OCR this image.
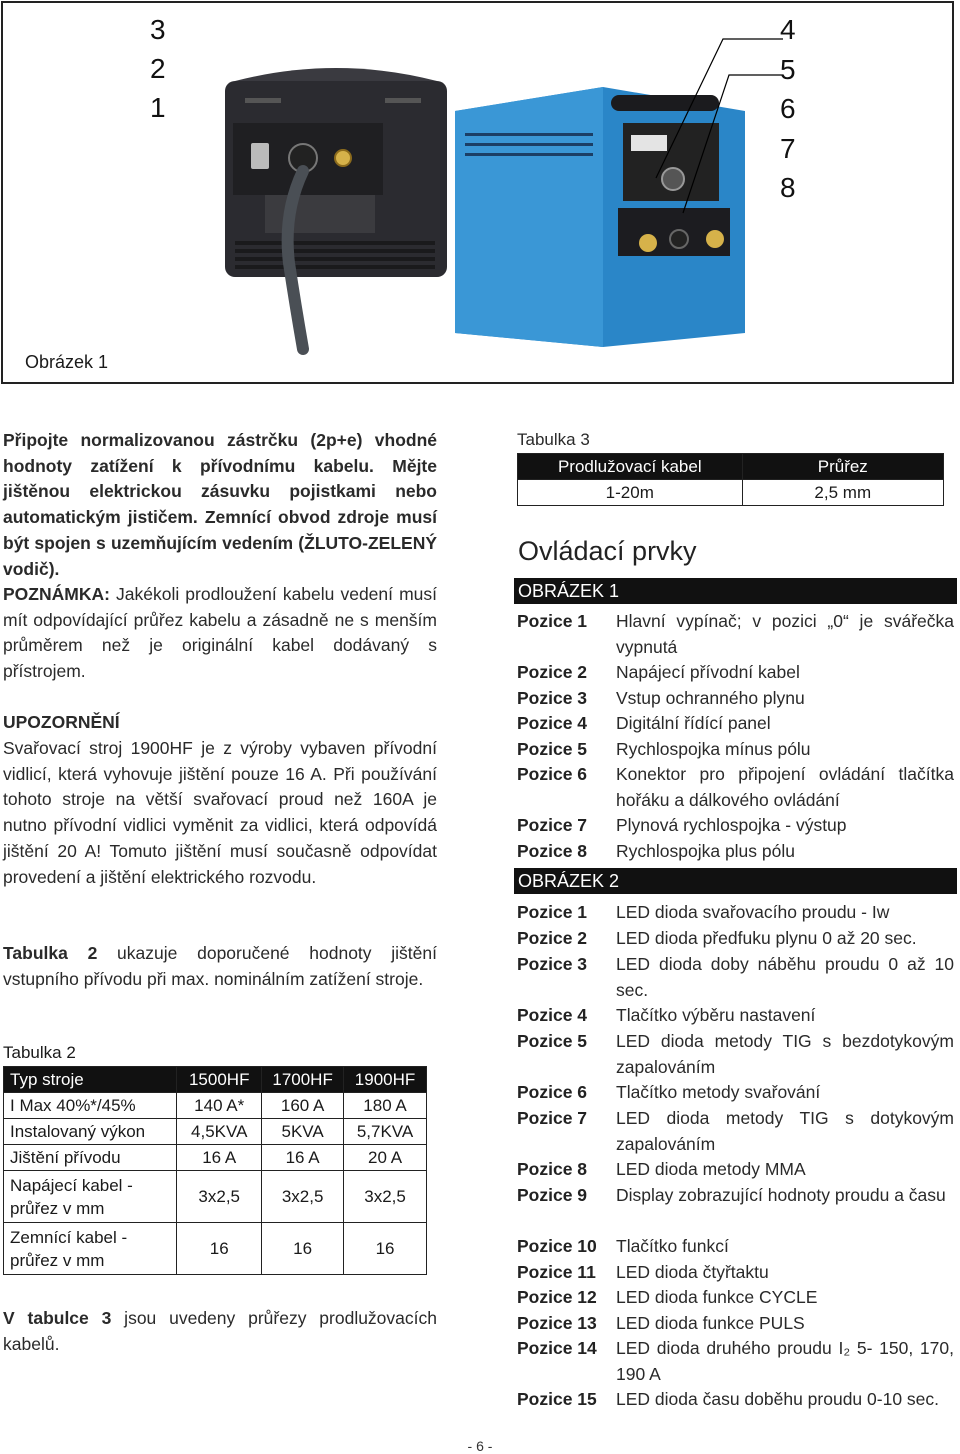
3
2
1
4
5
6
7
8
Obrázek 1
Připojte normalizovanou zástrčku (2p+e) vhodné hodnoty zatížení k přívodnímu kabelu. Mějte jištěnou elektrickou zásuvku pojistkami nebo automatickým jističem. Zemnící obvod zdroje musí být spojen s uzemňujícím vedením (ŽLUTO-ZELENÝ vodič).
POZNÁMKA: Jakékoli prodloužení kabelu vedení musí mít odpovídající průřez kabelu a zásadně ne s menším průměrem než je originální kabel dodávaný s přístrojem.
UPOZORNĚNÍ
Svařovací stroj 1900HF je z výroby vybaven přívodní vidlicí, která vyhovuje jištění pouze 16 A. Při používání tohoto stroje na větší svařovací proud než 160A je nutno přívodní vidlici vyměnit za vidlici, která odpovídá jištění 20 A! Tomuto jištění musí současně odpovídat provedení a jištění elektrického rozvodu.
Tabulka 2 ukazuje doporučené hodnoty jištění vstupního přívodu při max. nominálním zatížení stroje.
Tabulka 2
Typ stroje	1500HF	1700HF	1900HF
I Max 40%*/45%	140 A*	160 A	180 A
Instalovaný výkon	4,5KVA	5KVA	5,7KVA
Jištění přívodu	16 A	16 A	20 A
Napájecí kabel - průřez v mm	3x2,5	3x2,5	3x2,5
Zemnící kabel - průřez v mm	16	16	16
V tabulce 3 jsou uvedeny průřezy prodlužovacích kabelů.
Tabulka 3
Prodlužovací kabel	Průřez
1-20m	2,5 mm
Ovládací prvky
OBRÁZEK 1
Pozice 1 Hlavní vypínač; v pozici „0“ je svářečka vypnutá
Pozice 2 Napájecí přívodní kabel
Pozice 3 Vstup ochranného plynu
Pozice 4 Digitální řídící panel
Pozice 5 Rychlospojka mínus pólu
Pozice 6 Konektor pro připojení ovládání tlačítka hořáku a dálkového ovládání
Pozice 7 Plynová rychlospojka - výstup
Pozice 8 Rychlospojka plus pólu
OBRÁZEK 2
Pozice 1 LED dioda svařovacího proudu - Iw
Pozice 2 LED dioda předfuku plynu 0 až 20 sec.
Pozice 3 LED dioda doby náběhu proudu 0 až 10 sec.
Pozice 4 Tlačítko výběru nastavení
Pozice 5 LED dioda metody TIG s bezdotykovým zapalováním
Pozice 6 Tlačítko metody svařování
Pozice 7 LED dioda metody TIG s dotykovým zapalováním
Pozice 8 LED dioda metody MMA
Pozice 9 Display zobrazující hodnoty proudu a času
Pozice 10 Tlačítko funkcí
Pozice 11 LED dioda čtyřtaktu
Pozice 12 LED dioda funkce CYCLE
Pozice 13 LED dioda funkce PULS
Pozice 14 LED dioda druhého proudu I₂ 5- 150, 170, 190 A
Pozice 15 LED dioda času doběhu proudu 0-10 sec.
- 6 -
